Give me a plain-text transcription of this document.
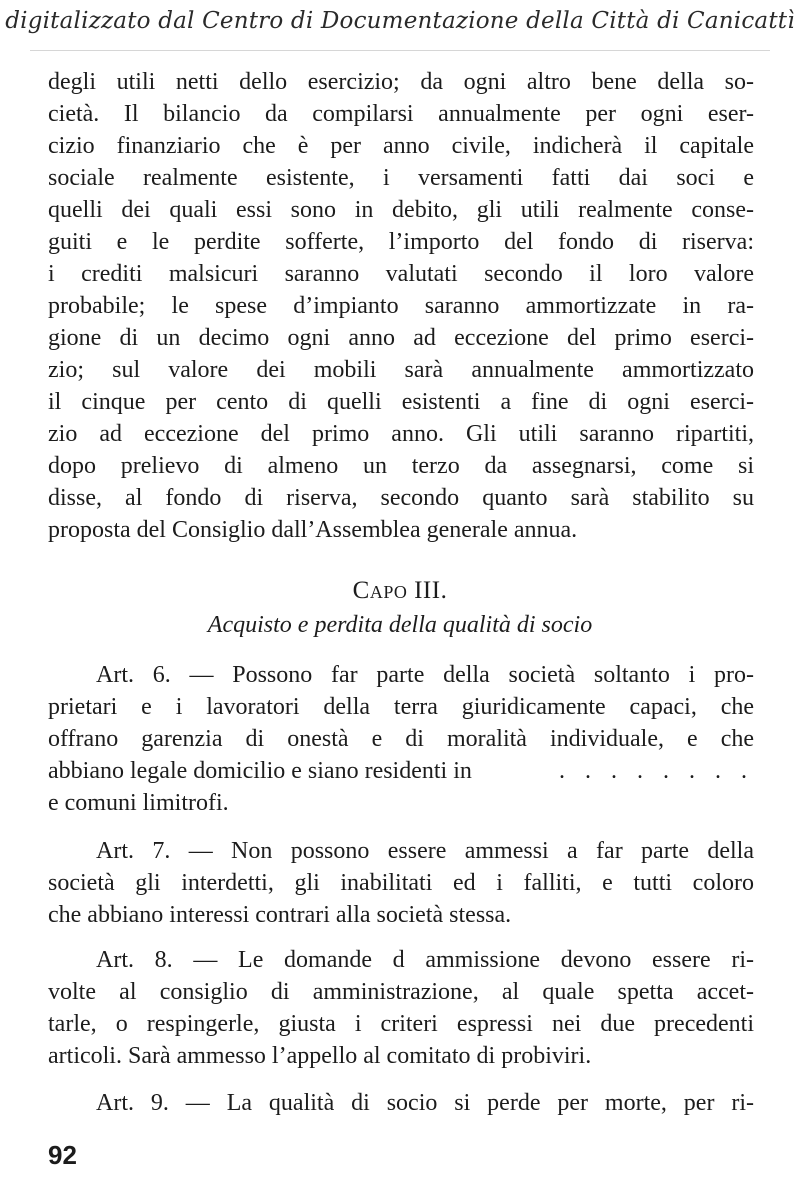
digitalizzato dal Centro di Documentazione della Città di Canicattì
degli utili netti dello esercizio; da ogni altro bene della so-
cietà. Il bilancio da compilarsi annualmente per ogni eser-
cizio finanziario che è per anno civile, indicherà il capitale
sociale realmente esistente, i versamenti fatti dai soci e
quelli dei quali essi sono in debito, gli utili realmente conse-
guiti e le perdite sofferte, l’importo del fondo di riserva:
i crediti malsicuri saranno valutati secondo il loro valore
probabile; le spese d’impianto saranno ammortizzate in ra-
gione di un decimo ogni anno ad eccezione del primo eserci-
zio; sul valore dei mobili sarà annualmente ammortizzato
il cinque per cento di quelli esistenti a fine di ogni eserci-
zio ad eccezione del primo anno. Gli utili saranno ripartiti,
dopo prelievo di almeno un terzo da assegnarsi, come si
disse, al fondo di riserva, secondo quanto sarà stabilito su
proposta del Consiglio dall’Assemblea generale annua.
Capo III.
Acquisto e perdita della qualità di socio
Art. 6. — Possono far parte della società soltanto i pro-
prietari e i lavoratori della terra giuridicamente capaci, che
offrano garenzia di onestà e di moralità individuale, e che
abbiano legale domicilio e siano residenti in	. . . . . . . .
e comuni limitrofi.
Art. 7. — Non possono essere ammessi a far parte della
società gli interdetti, gli inabilitati ed i falliti, e tutti coloro
che abbiano interessi contrari alla società stessa.
Art. 8. — Le domande d ammissione devono essere ri-
volte al consiglio di amministrazione, al quale spetta accet-
tarle, o respingerle, giusta i criteri espressi nei due precedenti
articoli. Sarà ammesso l’appello al comitato di probiviri.
Art. 9. — La qualità di socio si perde per morte, per ri-
92
